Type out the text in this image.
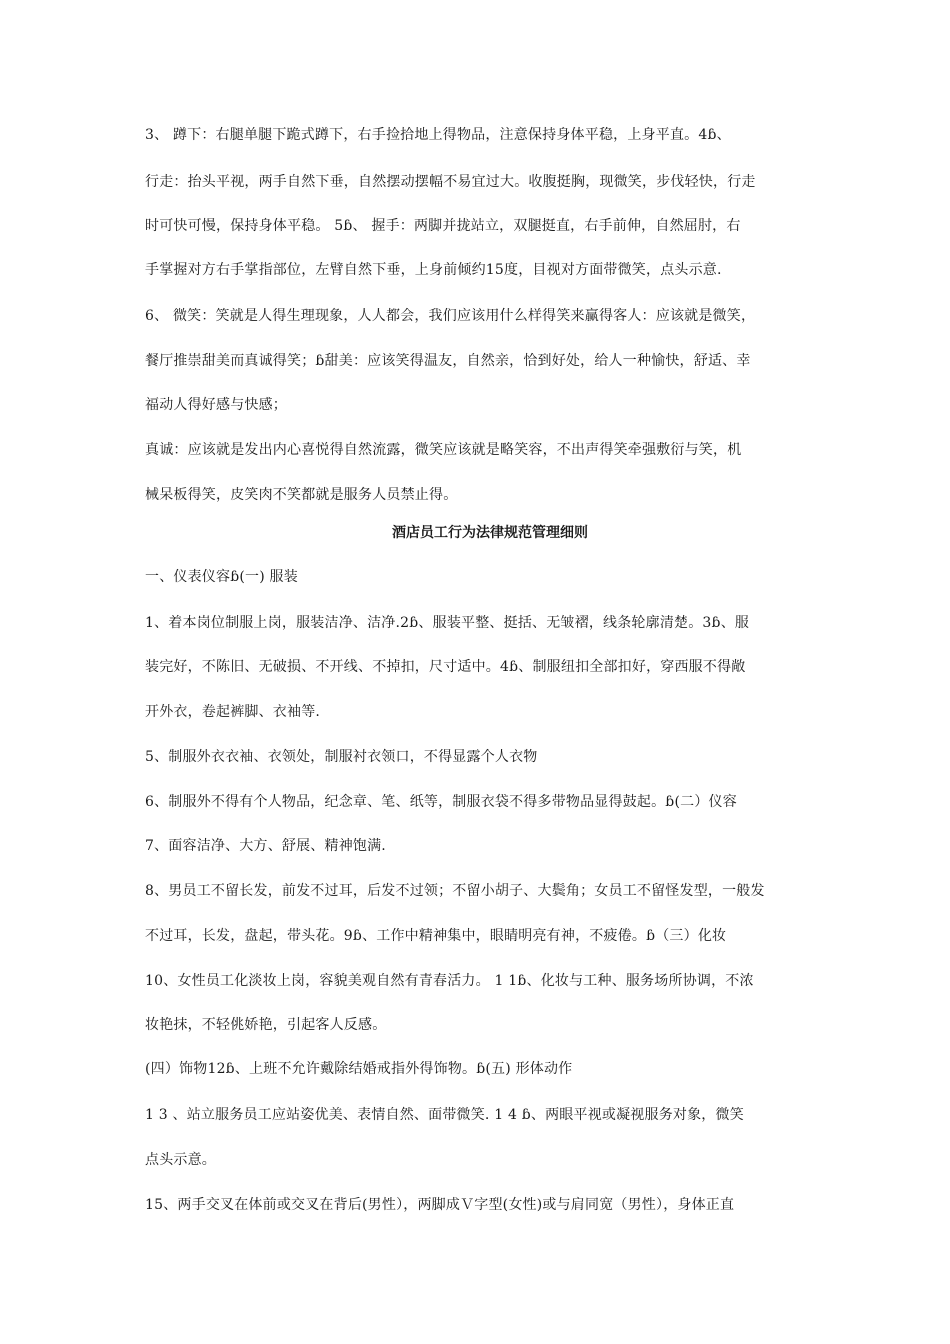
3、 蹲下：右腿单腿下跪式蹲下，右手捡拾地上得物品，注意保持身体平稳，上身平直。4ɓ、
行走：抬头平视，两手自然下垂，自然摆动摆幅不易宜过大。收腹挺胸，现微笑，步伐轻快，行走
时可快可慢，保持身体平稳。 5ɓ、 握手：两脚并拢站立，双腿挺直，右手前伸，自然屈肘，右
手掌握对方右手掌指部位，左臂自然下垂，上身前倾约15度，目视对方面带微笑，点头示意.
6、 微笑：笑就是人得生理现象，人人都会，我们应该用什么样得笑来赢得客人：应该就是微笑，
餐厅推崇甜美而真诚得笑；ɓ甜美：应该笑得温友，自然亲，恰到好处，给人一种愉快，舒适、幸
福动人得好感与快感；
真诚：应该就是发出内心喜悦得自然流露，微笑应该就是略笑容，不出声得笑牵强敷衍与笑，机
械呆板得笑，皮笑肉不笑都就是服务人员禁止得。
酒店员工行为法律规范管理细则
一、仪表仪容ɓ(一) 服装
1、着本岗位制服上岗，服装洁净、洁净.2ɓ、服装平整、挺括、无皱褶，线条轮廓清楚。3ɓ、服
装完好，不陈旧、无破损、不开线、不掉扣，尺寸适中。4ɓ、制服纽扣全部扣好，穿西服不得敞
开外衣，卷起裤脚、衣袖等.
5、制服外衣衣袖、衣领处，制服衬衣领口，不得显露个人衣物
6、制服外不得有个人物品，纪念章、笔、纸等，制服衣袋不得多带物品显得鼓起。ɓ(二）仪容
7、面容洁净、大方、舒展、精神饱满.
8、男员工不留长发，前发不过耳，后发不过领；不留小胡子、大鬓角；女员工不留怪发型，一般发
不过耳，长发，盘起，带头花。9ɓ、工作中精神集中，眼睛明亮有神，不疲倦。ɓ（三）化妆
10、女性员工化淡妆上岗，容貌美观自然有青春活力。 1 1ɓ、化妆与工种、服务场所协调，不浓
妆艳抹，不轻佻娇艳，引起客人反感。
(四）饰物12ɓ、上班不允许戴除结婚戒指外得饰物。ɓ(五) 形体动作
1 3 、站立服务员工应站姿优美、表情自然、面带微笑. 1 4 ɓ、两眼平视或凝视服务对象，微笑
点头示意。
15、两手交叉在体前或交叉在背后(男性），两脚成Ｖ字型(女性)或与肩同宽（男性），身体正直
